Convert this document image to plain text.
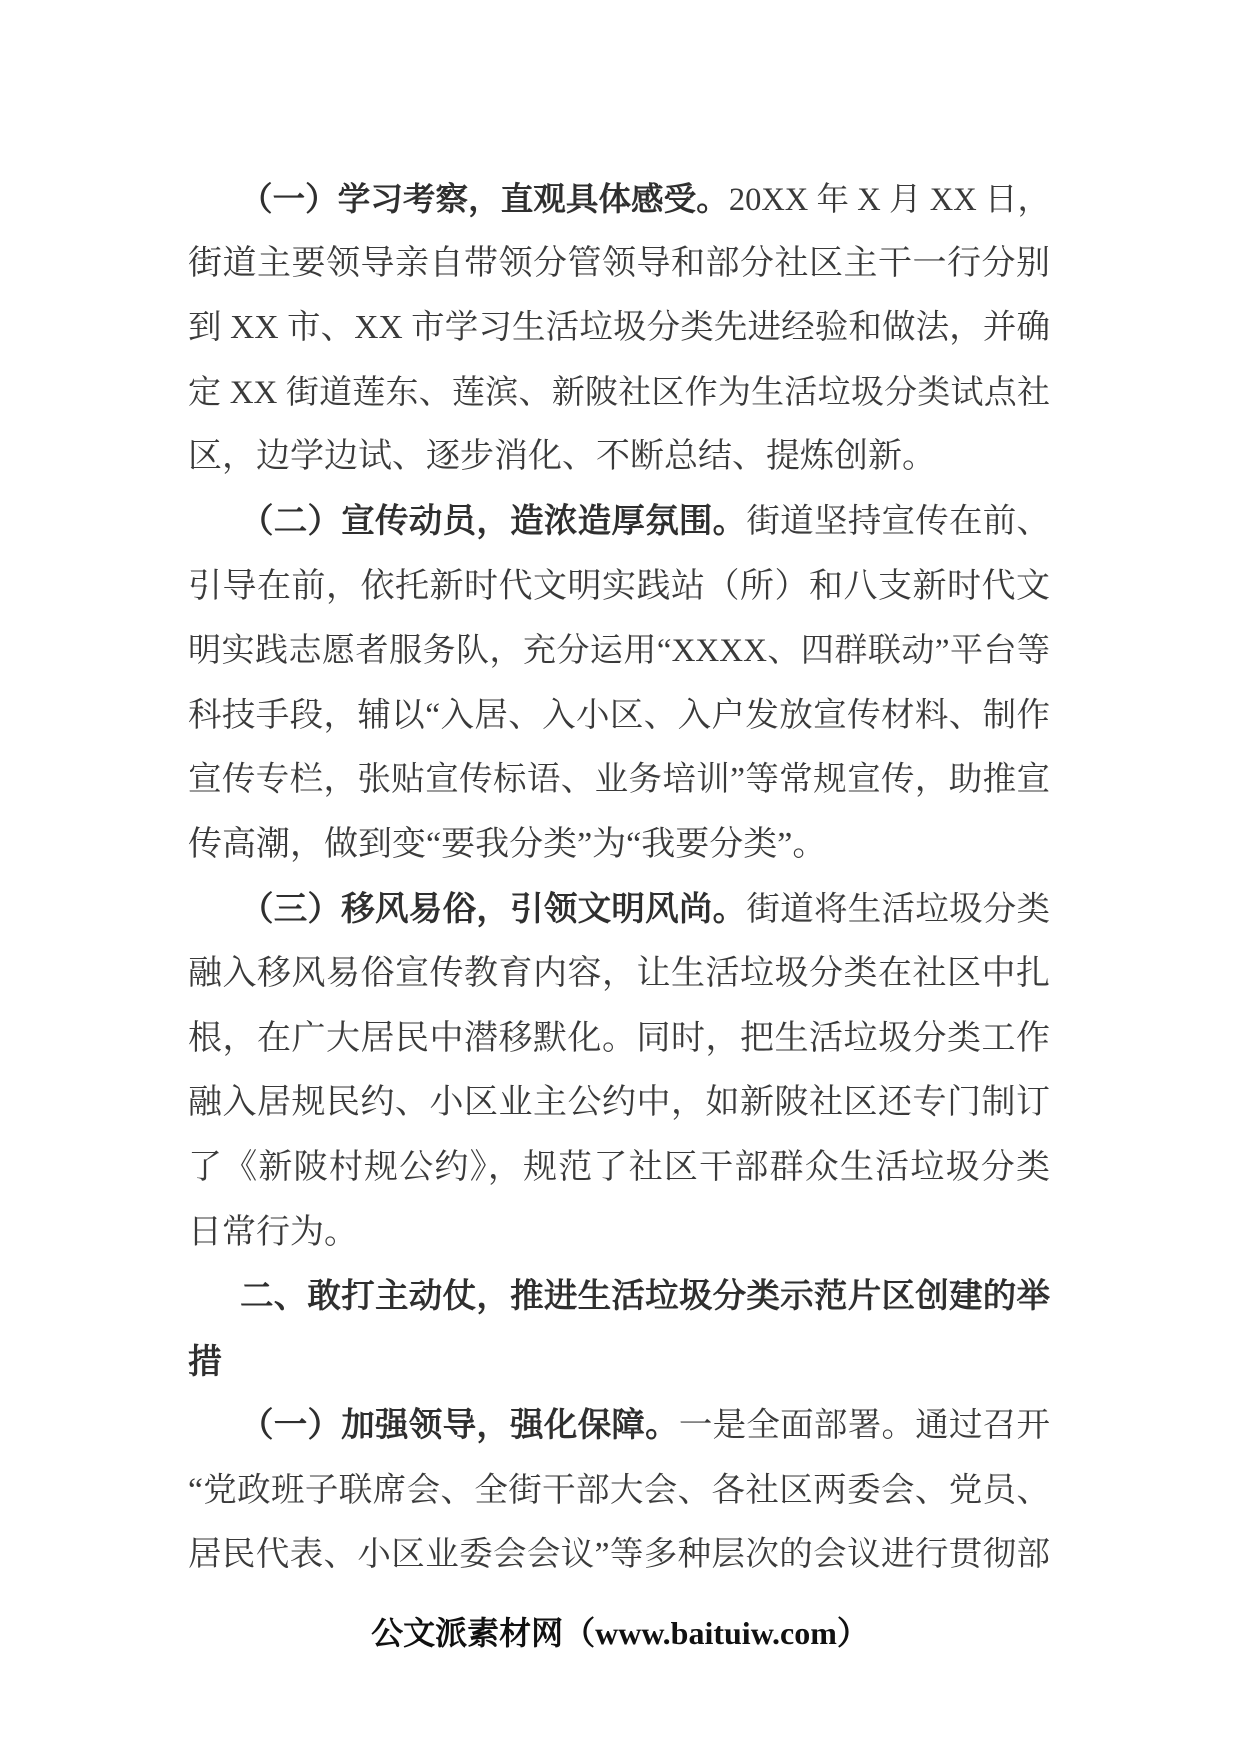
（一）学习考察，直观具体感受。20XX 年 X 月 XX 日，
街道主要领导亲自带领分管领导和部分社区主干一行分别
到 XX 市、XX 市学习生活垃圾分类先进经验和做法，并确
定 XX 街道莲东、莲滨、新陂社区作为生活垃圾分类试点社
区，边学边试、逐步消化、不断总结、提炼创新。
（二）宣传动员，造浓造厚氛围。街道坚持宣传在前、
引导在前，依托新时代文明实践站（所）和八支新时代文
明实践志愿者服务队，充分运用“XXXX、四群联动”平台等
科技手段，辅以“入居、入小区、入户发放宣传材料、制作
宣传专栏，张贴宣传标语、业务培训”等常规宣传，助推宣
传高潮，做到变“要我分类”为“我要分类”。
（三）移风易俗，引领文明风尚。街道将生活垃圾分类
融入移风易俗宣传教育内容，让生活垃圾分类在社区中扎
根，在广大居民中潜移默化。同时，把生活垃圾分类工作
融入居规民约、小区业主公约中，如新陂社区还专门制订
了《新陂村规公约》，规范了社区干部群众生活垃圾分类
日常行为。
二、敢打主动仗，推进生活垃圾分类示范片区创建的举
措
（一）加强领导，强化保障。一是全面部署。通过召开
“党政班子联席会、全街干部大会、各社区两委会、党员、
居民代表、小区业委会会议”等多种层次的会议进行贯彻部
公文派素材网（www.baituiw.com）
